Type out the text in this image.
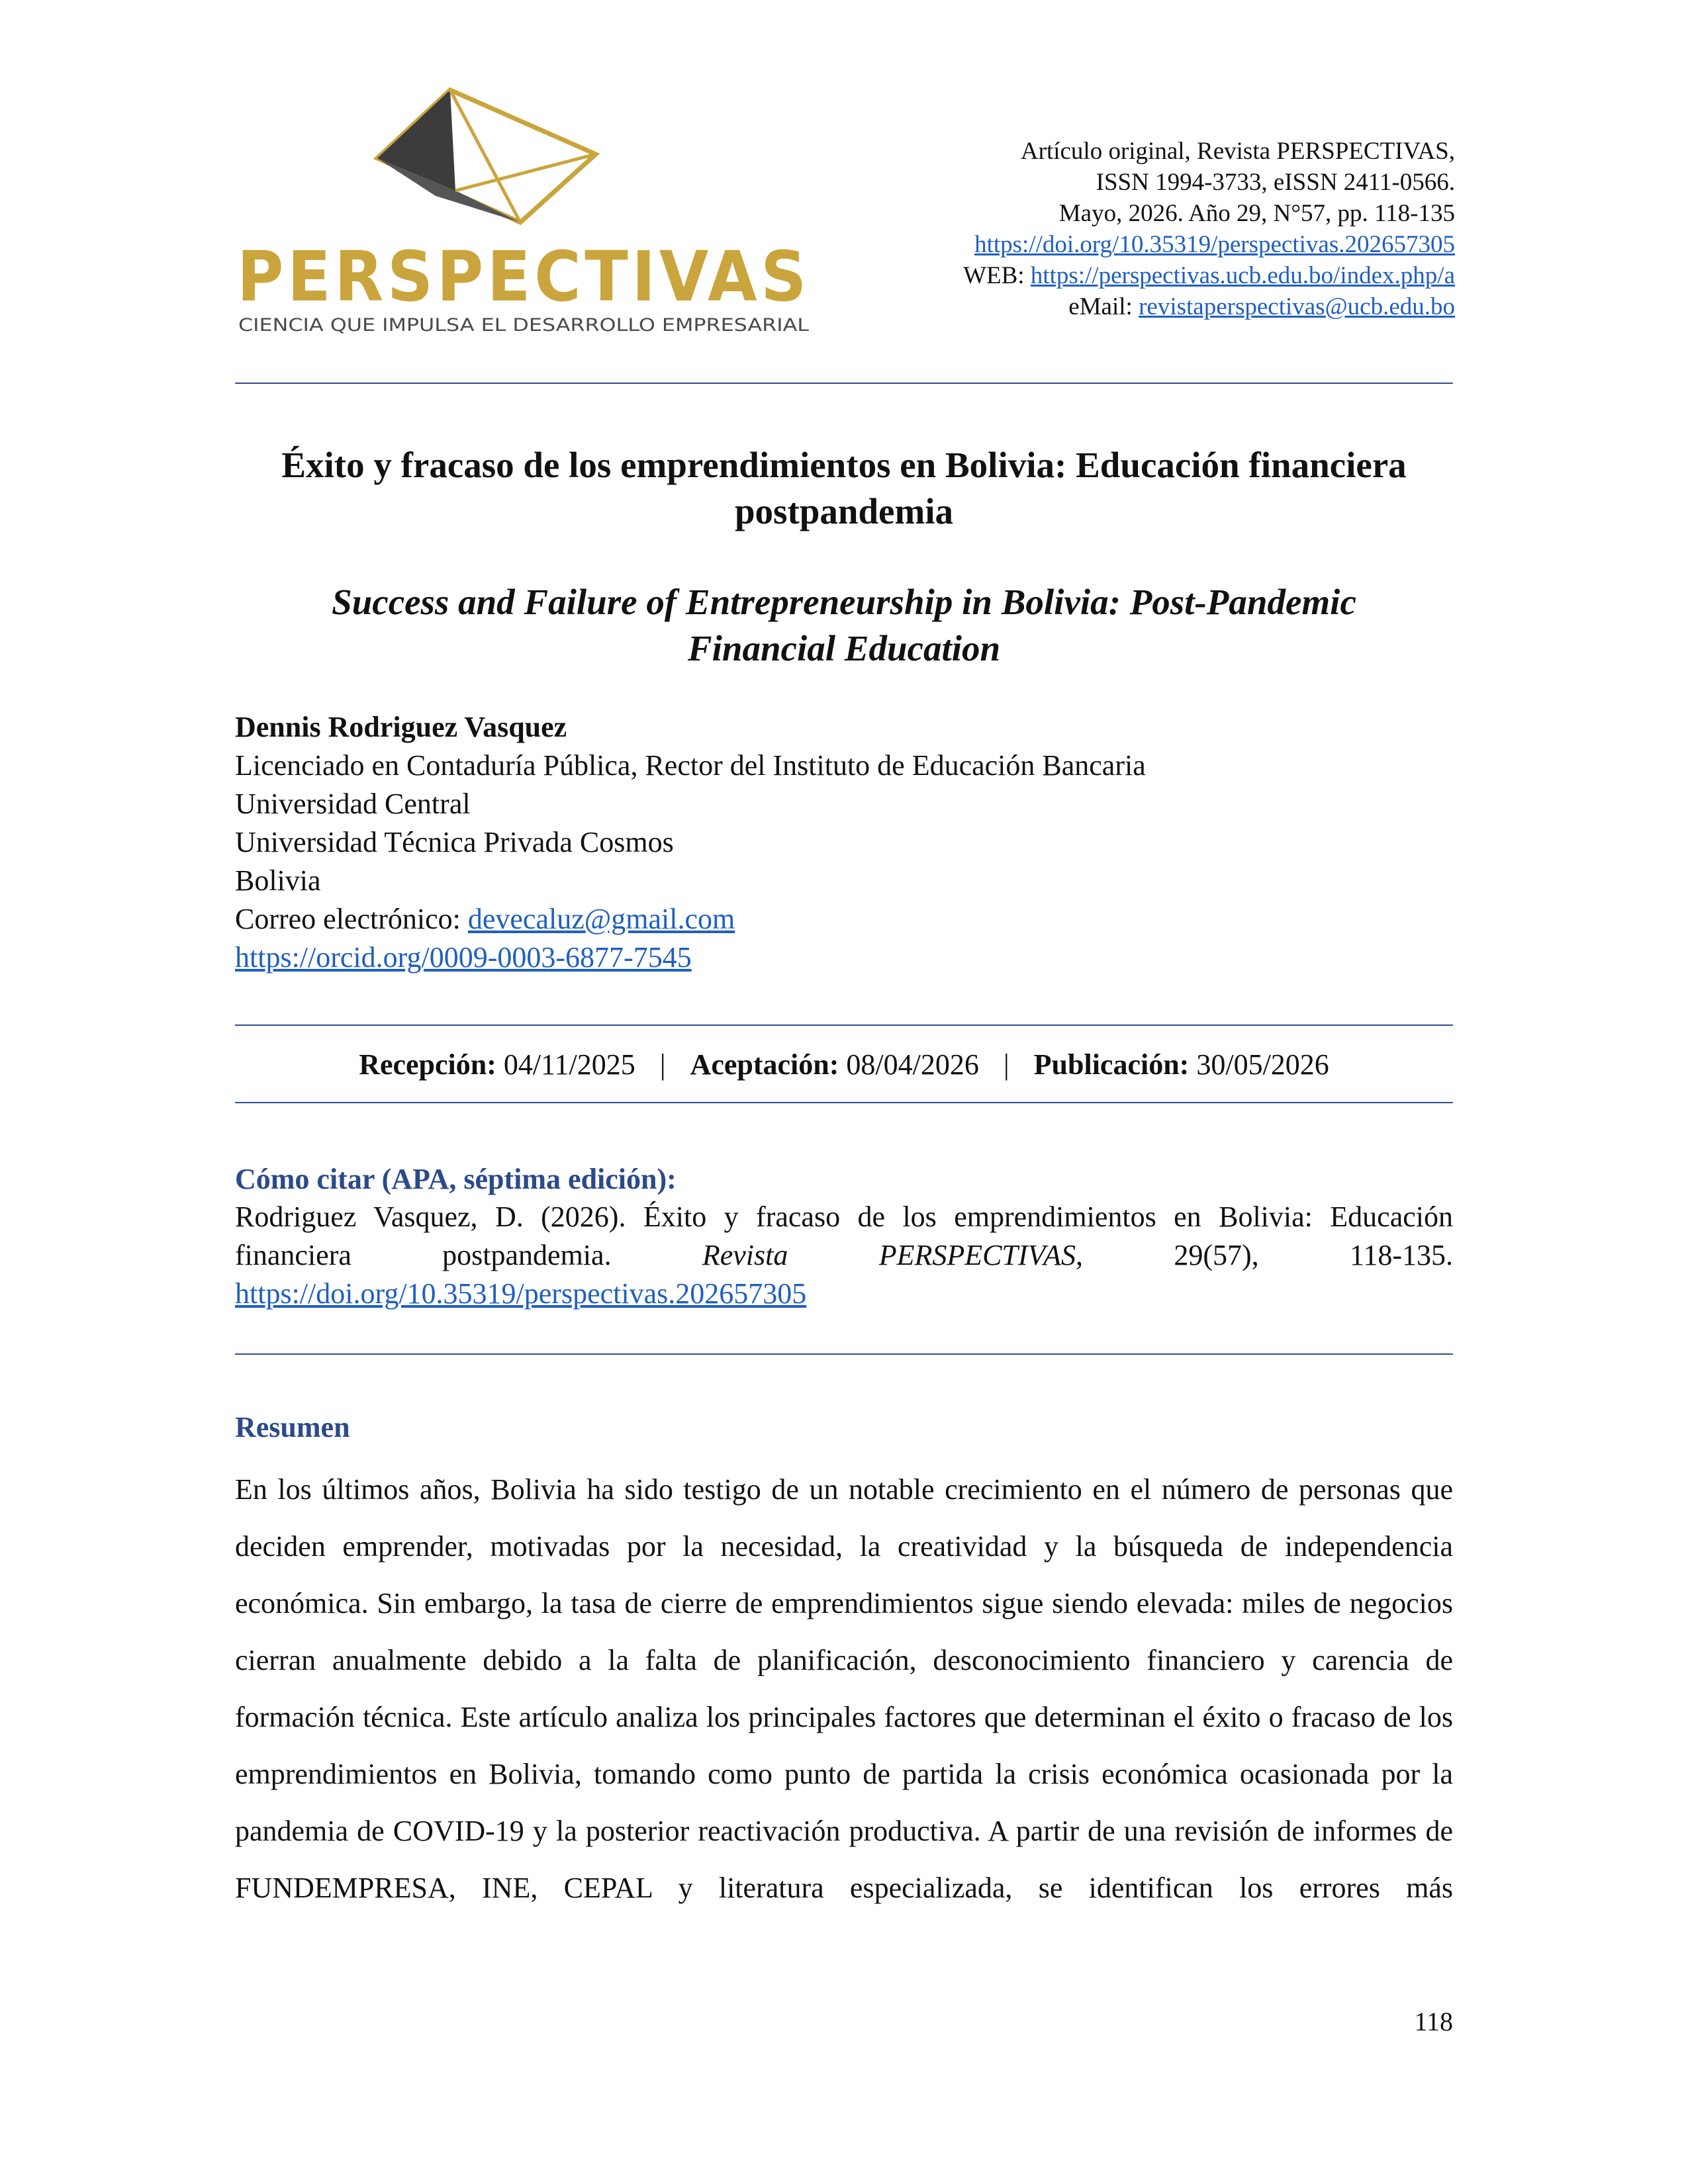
PERSPECTIVAS
CIENCIA QUE IMPULSA EL DESARROLLO EMPRESARIAL
Artículo original, Revista PERSPECTIVAS,
ISSN 1994-3733, eISSN 2411-0566.
Mayo, 2026. Año 29, N°57, pp. 118-135
https://doi.org/10.35319/perspectivas.202657305
WEB: https://perspectivas.ucb.edu.bo/index.php/a
eMail: revistaperspectivas@ucb.edu.bo
Éxito y fracaso de los emprendimientos en Bolivia: Educación financiera
postpandemia
Success and Failure of Entrepreneurship in Bolivia: Post-Pandemic
Financial Education
Dennis Rodriguez Vasquez
Licenciado en Contaduría Pública, Rector del Instituto de Educación Bancaria
Universidad Central
Universidad Técnica Privada Cosmos
Bolivia
Correo electrónico: devecaluz@gmail.com
https://orcid.org/0009-0003-6877-7545
Recepción: 04/11/2025 | Aceptación: 08/04/2026 | Publicación: 30/05/2026
Cómo citar (APA, séptima edición):
Rodriguez Vasquez, D. (2026). Éxito y fracaso de los emprendimientos en Bolivia: Educación financiera postpandemia. Revista PERSPECTIVAS, 29(57), 118-135. https://doi.org/10.35319/perspectivas.202657305
Resumen
En los últimos años, Bolivia ha sido testigo de un notable crecimiento en el número de personas que deciden emprender, motivadas por la necesidad, la creatividad y la búsqueda de independencia económica. Sin embargo, la tasa de cierre de emprendimientos sigue siendo elevada: miles de negocios cierran anualmente debido a la falta de planificación, desconocimiento financiero y carencia de formación técnica. Este artículo analiza los principales factores que determinan el éxito o fracaso de los emprendimientos en Bolivia, tomando como punto de partida la crisis económica ocasionada por la pandemia de COVID-19 y la posterior reactivación productiva. A partir de una revisión de informes de FUNDEMPRESA, INE, CEPAL y literatura especializada, se identifican los errores más
118
